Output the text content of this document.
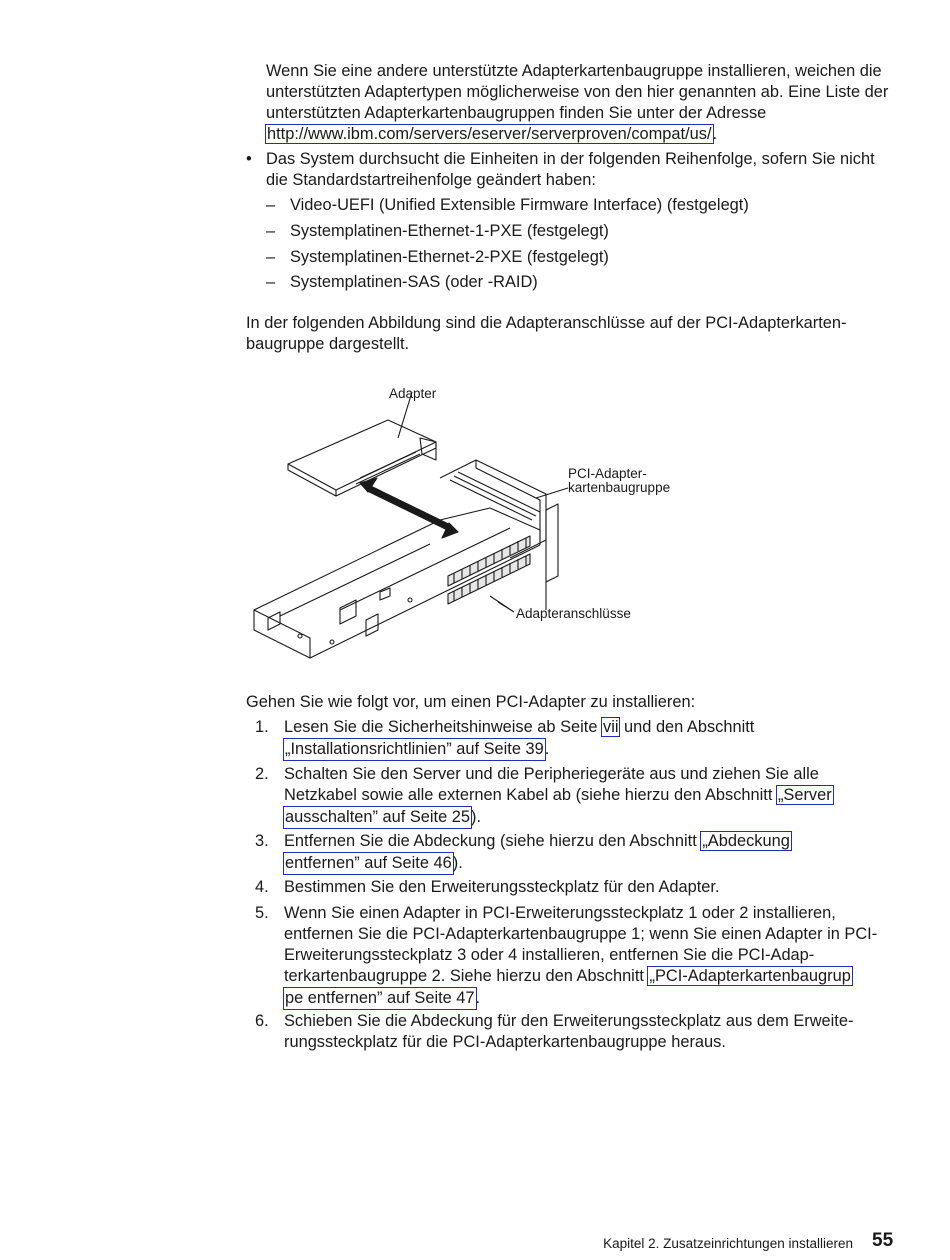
Wenn Sie eine andere unterstützte Adapterkartenbaugruppe installieren, weichen die unterstützten Adaptertypen möglicherweise von den hier genannten ab. Eine Liste der unterstützten Adapterkartenbaugruppen finden Sie unter der Adresse http://www.ibm.com/servers/eserver/serverproven/compat/us/.

• Das System durchsucht die Einheiten in der folgenden Reihenfolge, sofern Sie nicht die Standardstartreihenfolge geändert haben:

– Video-UEFI (Unified Extensible Firmware Interface) (festgelegt)
– Systemplatinen-Ethernet-1-PXE (festgelegt)
– Systemplatinen-Ethernet-2-PXE (festgelegt)
– Systemplatinen-SAS (oder -RAID)

In der folgenden Abbildung sind die Adapteranschlüsse auf der PCI-Adapterkartenbaugruppe dargestellt.

Adapter
PCI-Adapter-
kartenbaugruppe
Adapteranschlüsse

Gehen Sie wie folgt vor, um einen PCI-Adapter zu installieren:

1. Lesen Sie die Sicherheitshinweise ab Seite vii und den Abschnitt „Installationsrichtlinien” auf Seite 39.

2. Schalten Sie den Server und die Peripheriegeräte aus und ziehen Sie alle Netzkabel sowie alle externen Kabel ab (siehe hierzu den Abschnitt „Server ausschalten” auf Seite 25).

3. Entfernen Sie die Abdeckung (siehe hierzu den Abschnitt „Abdeckung entfernen” auf Seite 46).

4. Bestimmen Sie den Erweiterungssteckplatz für den Adapter.

5. Wenn Sie einen Adapter in PCI-Erweiterungssteckplatz 1 oder 2 installieren, entfernen Sie die PCI-Adapterkartenbaugruppe 1; wenn Sie einen Adapter in PCI-Erweiterungssteckplatz 3 oder 4 installieren, entfernen Sie die PCI-Adapterkartenbaugruppe 2. Siehe hierzu den Abschnitt „PCI-Adapterkartenbaugrup pe entfernen” auf Seite 47.

6. Schieben Sie die Abdeckung für den Erweiterungssteckplatz aus dem Erweiterungssteckplatz für die PCI-Adapterkartenbaugruppe heraus.

Kapitel 2. Zusatzeinrichtungen installieren 55
